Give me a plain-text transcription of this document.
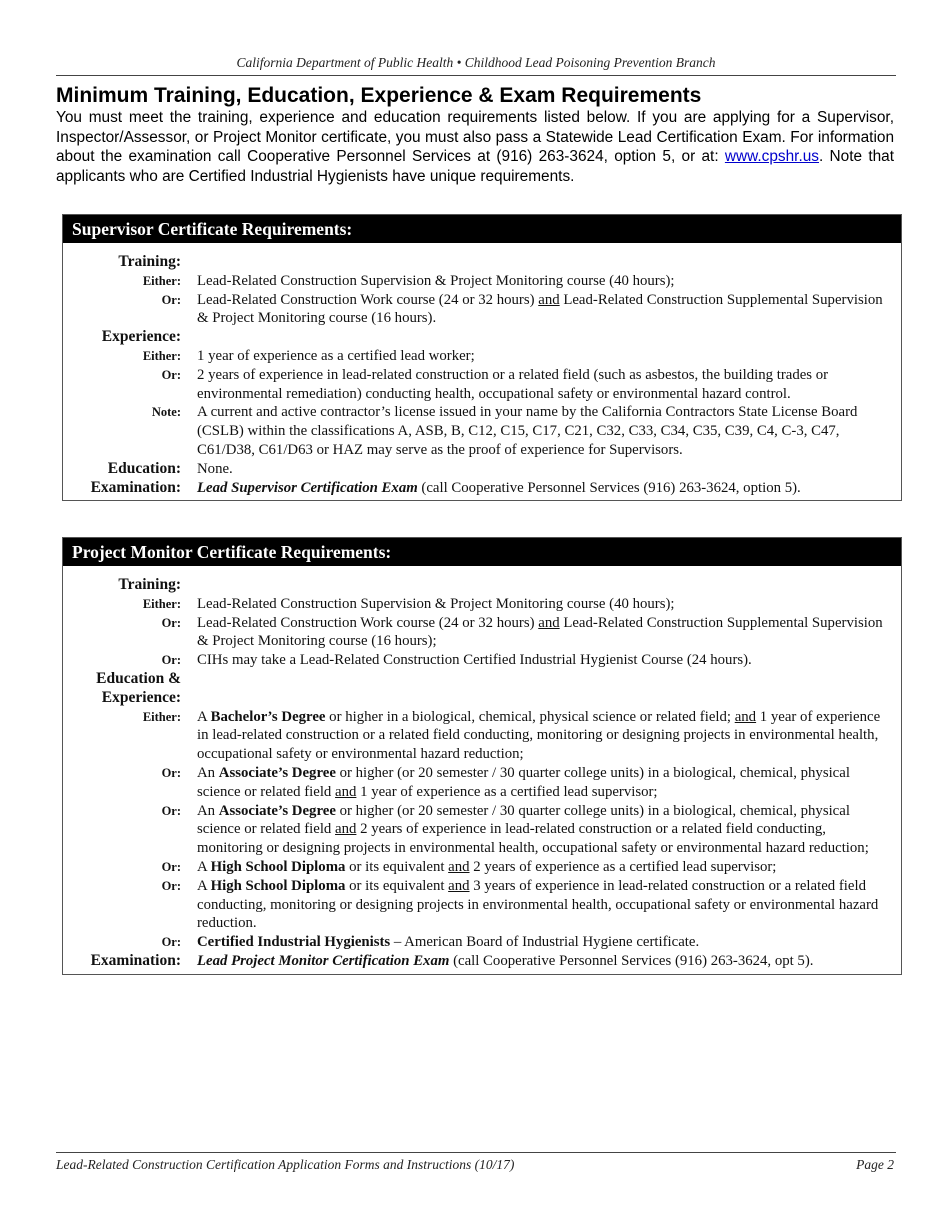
California Department of Public Health • Childhood Lead Poisoning Prevention Branch
Minimum Training, Education, Experience & Exam Requirements

You must meet the training, experience and education requirements listed below. If you are applying for a Supervisor, Inspector/Assessor, or Project Monitor certificate, you must also pass a Statewide Lead Certification Exam. For information about the examination call Cooperative Personnel Services at (916) 263-3624, option 5, or at: www.cpshr.us. Note that applicants who are Certified Industrial Hygienists have unique requirements.

Supervisor Certificate Requirements:
Training:
Either:	Lead-Related Construction Supervision & Project Monitoring course (40 hours);
Or:	Lead-Related Construction Work course (24 or 32 hours) and Lead-Related Construction Supplemental Supervision & Project Monitoring course (16 hours).
Experience:
Either:	1 year of experience as a certified lead worker;
Or:	2 years of experience in lead-related construction or a related field (such as asbestos, the building trades or environmental remediation) conducting health, occupational safety or environmental hazard control.
Note:	A current and active contractor’s license issued in your name by the California Contractors State License Board (CSLB) within the classifications A, ASB, B, C12, C15, C17, C21, C32, C33, C34, C35, C39, C4, C-3, C47, C61/D38, C61/D63 or HAZ may serve as the proof of experience for Supervisors.
Education:	None.
Examination:	Lead Supervisor Certification Exam (call Cooperative Personnel Services (916) 263-3624, option 5).
Project Monitor Certificate Requirements:
Training:
Either:	Lead-Related Construction Supervision & Project Monitoring course (40 hours);
Or:	Lead-Related Construction Work course (24 or 32 hours) and Lead-Related Construction Supplemental Supervision & Project Monitoring course (16 hours);
Or:	CIHs may take a Lead-Related Construction Certified Industrial Hygienist Course (24 hours).
Education &
Experience:
Either:	A Bachelor’s Degree or higher in a biological, chemical, physical science or related field; and 1 year of experience in lead-related construction or a related field conducting, monitoring or designing projects in environmental health, occupational safety or environmental hazard reduction;
Or:	An Associate’s Degree or higher (or 20 semester / 30 quarter college units) in a biological, chemical, physical science or related field and 1 year of experience as a certified lead supervisor;
Or:	An Associate’s Degree or higher (or 20 semester / 30 quarter college units) in a biological, chemical, physical science or related field and 2 years of experience in lead-related construction or a related field conducting, monitoring or designing projects in environmental health, occupational safety or environmental hazard reduction;
Or:	A High School Diploma or its equivalent and 2 years of experience as a certified lead supervisor;
Or:	A High School Diploma or its equivalent and 3 years of experience in lead-related construction or a related field conducting, monitoring or designing projects in environmental health, occupational safety or environmental hazard reduction.
Or:	Certified Industrial Hygienists – American Board of Industrial Hygiene certificate.
Examination:	Lead Project Monitor Certification Exam (call Cooperative Personnel Services (916) 263-3624, opt 5).
Lead-Related Construction Certification Application Forms and Instructions (10/17)	Page 2
